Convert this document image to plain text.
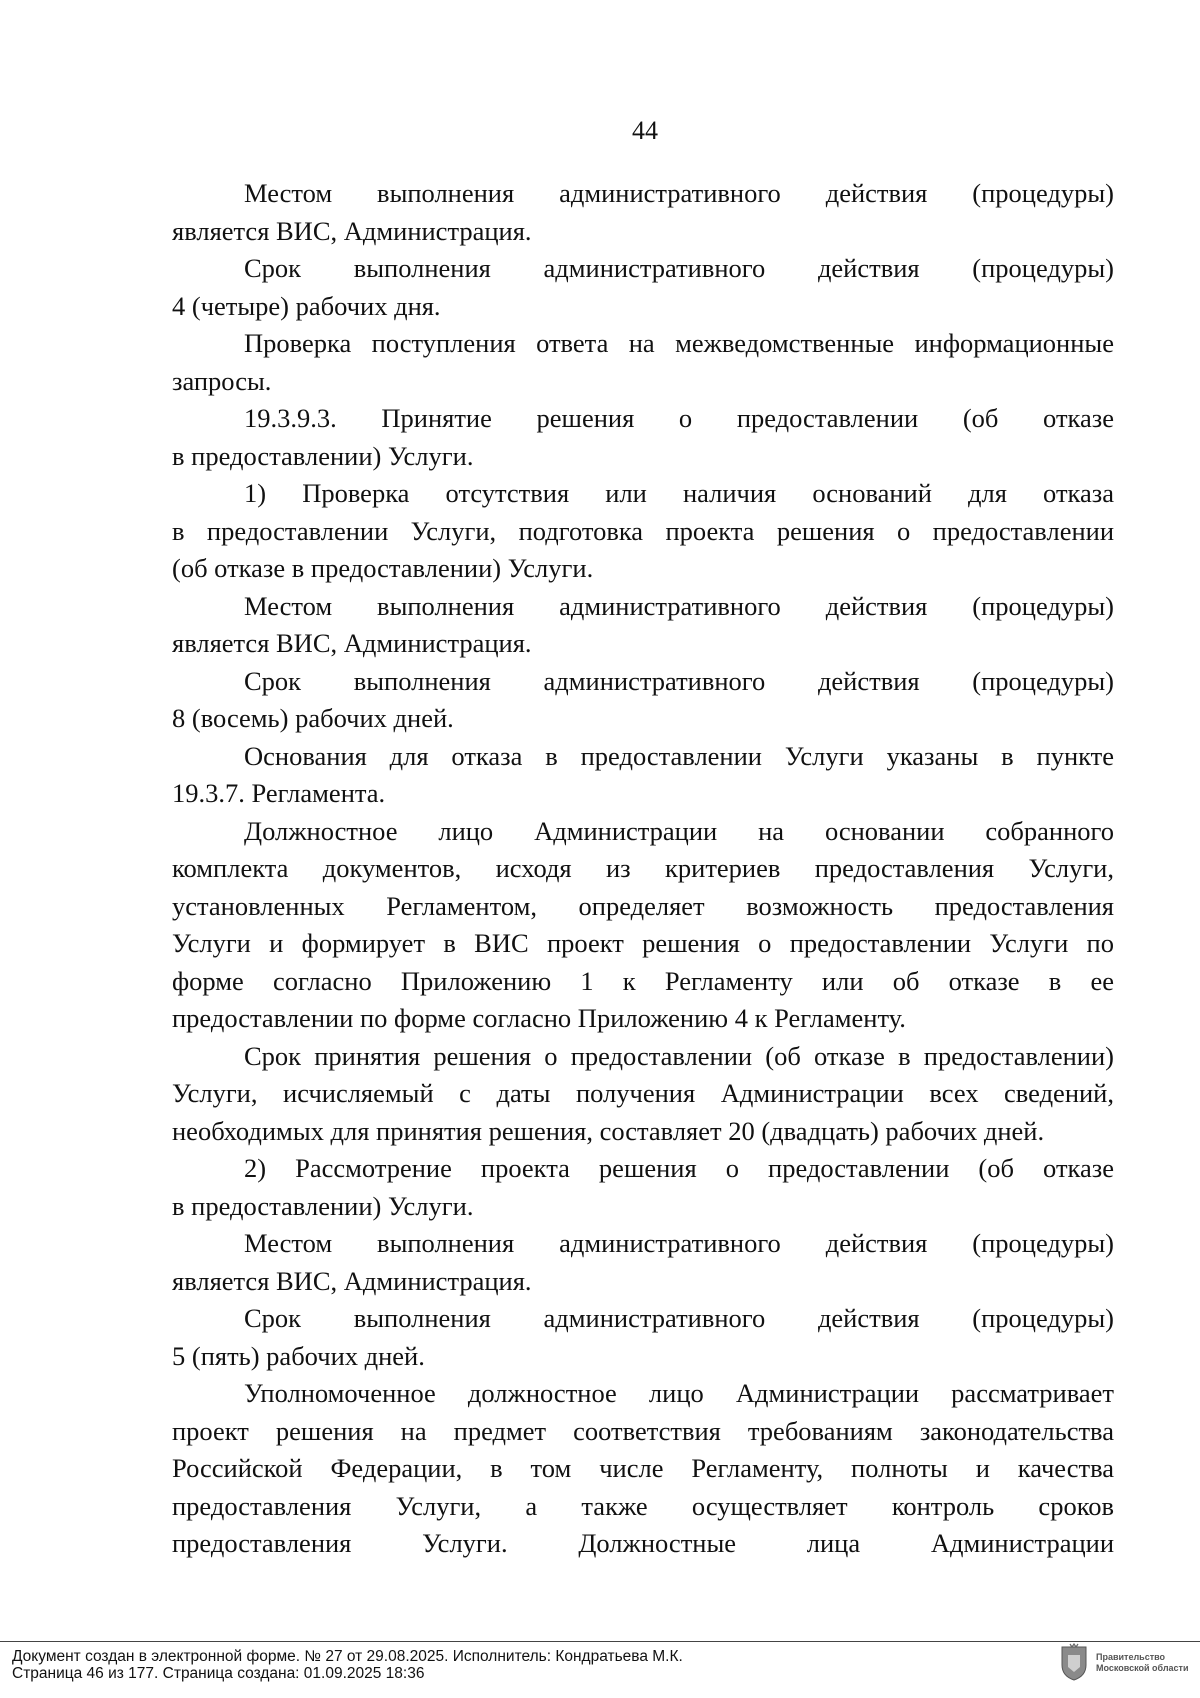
44
Местом выполнения административного действия (процедуры)
является ВИС, Администрация.
Срок выполнения административного действия (процедуры)
4 (четыре) рабочих дня.
Проверка поступления ответа на межведомственные информационные
запросы.
19.3.9.3. Принятие решения о предоставлении (об отказе
в предоставлении) Услуги.
1) Проверка отсутствия или наличия оснований для отказа
в предоставлении Услуги, подготовка проекта решения о предоставлении
(об отказе в предоставлении) Услуги.
Местом выполнения административного действия (процедуры)
является ВИС, Администрация.
Срок выполнения административного действия (процедуры)
8 (восемь) рабочих дней.
Основания для отказа в предоставлении Услуги указаны в пункте
19.3.7. Регламента.
Должностное лицо Администрации на основании собранного
комплекта документов, исходя из критериев предоставления Услуги,
установленных Регламентом, определяет возможность предоставления
Услуги и формирует в ВИС проект решения о предоставлении Услуги по
форме согласно Приложению 1 к Регламенту или об отказе в ее
предоставлении по форме согласно Приложению 4 к Регламенту.
Срок принятия решения о предоставлении (об отказе в предоставлении)
Услуги, исчисляемый с даты получения Администрации всех сведений,
необходимых для принятия решения, составляет 20 (двадцать) рабочих дней.
2) Рассмотрение проекта решения о предоставлении (об отказе
в предоставлении) Услуги.
Местом выполнения административного действия (процедуры)
является ВИС, Администрация.
Срок выполнения административного действия (процедуры)
5 (пять) рабочих дней.
Уполномоченное должностное лицо Администрации рассматривает
проект решения на предмет соответствия требованиям законодательства
Российской Федерации, в том числе Регламенту, полноты и качества
предоставления Услуги, а также осуществляет контроль сроков
предоставления Услуги. Должностные лица Администрации
Документ создан в электронной форме. № 27 от 29.08.2025. Исполнитель: Кондратьева М.К.
Страница 46 из 177. Страница создана: 01.09.2025 18:36
Правительство
Московской области
